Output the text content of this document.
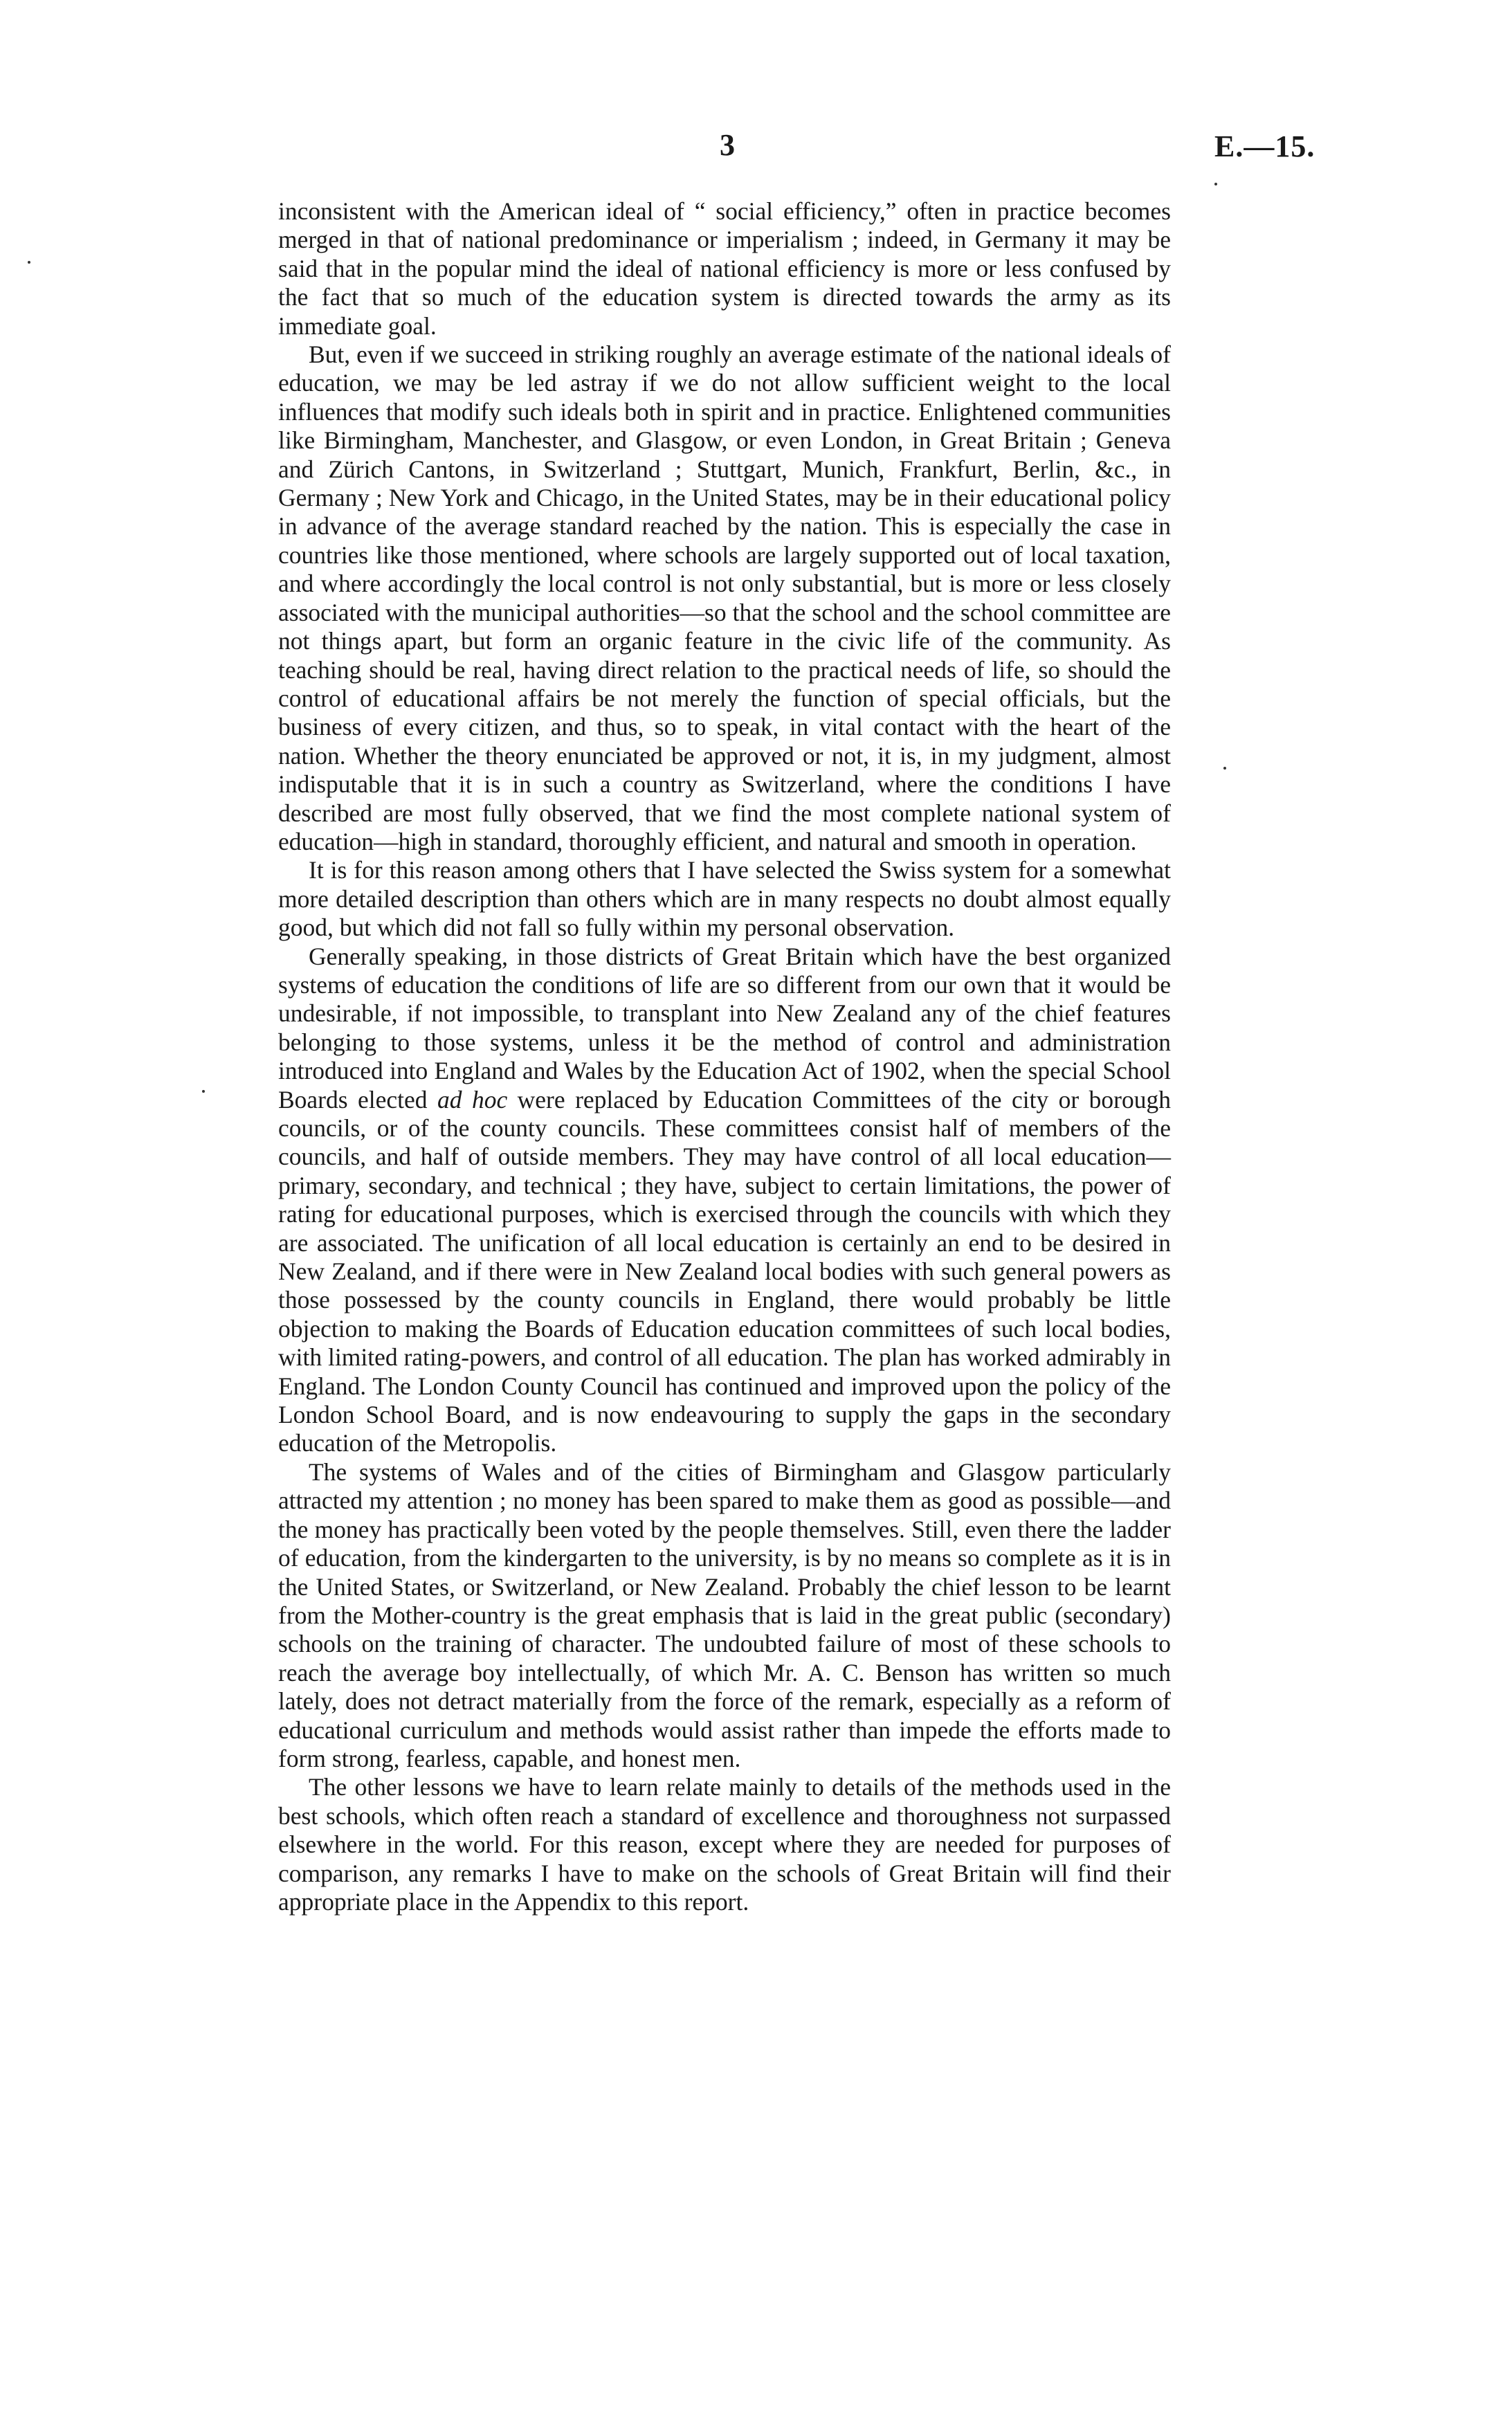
3	E.—15.

inconsistent with the American ideal of “ social efficiency,” often in practice becomes merged in that of national predominance or imperialism ; indeed, in Germany it may be said that in the popular mind the ideal of national efficiency is more or less confused by the fact that so much of the education system is directed towards the army as its immediate goal.

But, even if we succeed in striking roughly an average estimate of the national ideals of education, we may be led astray if we do not allow sufficient weight to the local influences that modify such ideals both in spirit and in practice. Enlightened communities like Birmingham, Manchester, and Glasgow, or even London, in Great Britain ; Geneva and Zürich Cantons, in Switzerland ; Stuttgart, Munich, Frankfurt, Berlin, &c., in Germany ; New York and Chicago, in the United States, may be in their educational policy in advance of the average standard reached by the nation. This is especially the case in countries like those mentioned, where schools are largely supported out of local taxation, and where accordingly the local control is not only substantial, but is more or less closely associated with the municipal authorities—so that the school and the school committee are not things apart, but form an organic feature in the civic life of the community. As teaching should be real, having direct relation to the practical needs of life, so should the control of educational affairs be not merely the function of special officials, but the business of every citizen, and thus, so to speak, in vital contact with the heart of the nation. Whether the theory enunciated be approved or not, it is, in my judgment, almost indisputable that it is in such a country as Switzerland, where the conditions I have described are most fully observed, that we find the most complete national system of education—high in standard, thoroughly efficient, and natural and smooth in operation.

It is for this reason among others that I have selected the Swiss system for a somewhat more detailed description than others which are in many respects no doubt almost equally good, but which did not fall so fully within my personal observation.

Generally speaking, in those districts of Great Britain which have the best organized systems of education the conditions of life are so different from our own that it would be undesirable, if not impossible, to transplant into New Zealand any of the chief features belonging to those systems, unless it be the method of control and administration introduced into England and Wales by the Education Act of 1902, when the special School Boards elected ad hoc were replaced by Education Committees of the city or borough councils, or of the county councils. These committees consist half of members of the councils, and half of outside members. They may have control of all local education—primary, secondary, and technical ; they have, subject to certain limitations, the power of rating for educational purposes, which is exercised through the councils with which they are associated. The unification of all local education is certainly an end to be desired in New Zealand, and if there were in New Zealand local bodies with such general powers as those possessed by the county councils in England, there would probably be little objection to making the Boards of Education education committees of such local bodies, with limited rating-powers, and control of all education. The plan has worked admirably in England. The London County Council has continued and improved upon the policy of the London School Board, and is now endeavouring to supply the gaps in the secondary education of the Metropolis.

The systems of Wales and of the cities of Birmingham and Glasgow particularly attracted my attention ; no money has been spared to make them as good as possible—and the money has practically been voted by the people themselves. Still, even there the ladder of education, from the kindergarten to the university, is by no means so complete as it is in the United States, or Switzerland, or New Zealand. Probably the chief lesson to be learnt from the Mother-country is the great emphasis that is laid in the great public (secondary) schools on the training of character. The undoubted failure of most of these schools to reach the average boy intellectually, of which Mr. A. C. Benson has written so much lately, does not detract materially from the force of the remark, especially as a reform of educational curriculum and methods would assist rather than impede the efforts made to form strong, fearless, capable, and honest men.

The other lessons we have to learn relate mainly to details of the methods used in the best schools, which often reach a standard of excellence and thoroughness not surpassed elsewhere in the world. For this reason, except where they are needed for purposes of comparison, any remarks I have to make on the schools of Great Britain will find their appropriate place in the Appendix to this report.
